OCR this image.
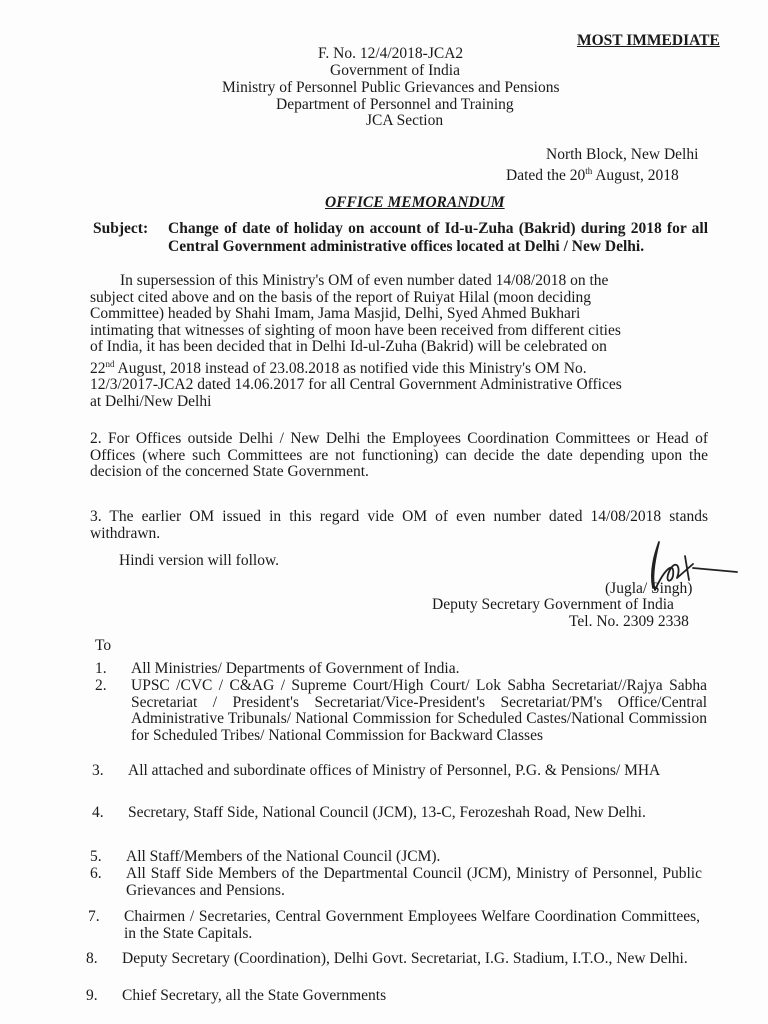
MOST IMMEDIATE
F. No. 12/4/2018-JCA2
Government of India
Ministry of Personnel Public Grievances and Pensions
Department of Personnel and Training
JCA Section
North Block, New Delhi
Dated the 20th August, 2018
OFFICE MEMORANDUM
Subject: Change of date of holiday on account of Id-u-Zuha (Bakrid) during 2018 for all Central Government administrative offices located at Delhi / New Delhi.
In supersession of this Ministry's OM of even number dated 14/08/2018 on the
subject cited above and on the basis of the report of Ruiyat Hilal (moon deciding
Committee) headed by Shahi Imam, Jama Masjid, Delhi, Syed Ahmed Bukhari
intimating that witnesses of sighting of moon have been received from different cities
of India, it has been decided that in Delhi Id-ul-Zuha (Bakrid) will be celebrated on
22nd August, 2018 instead of 23.08.2018 as notified vide this Ministry's OM No.
12/3/2017-JCA2 dated 14.06.2017 for all Central Government Administrative Offices
at Delhi/New Delhi
2. For Offices outside Delhi / New Delhi the Employees Coordination Committees or Head of Offices (where such Committees are not functioning) can decide the date depending upon the decision of the concerned State Government.
3. The earlier OM issued in this regard vide OM of even number dated 14/08/2018 stands withdrawn.
Hindi version will follow.
(Jugla/ Singh)
Deputy Secretary Government of India
Tel. No. 2309 2338
To
1. All Ministries/ Departments of Government of India.
2. UPSC /CVC / C&AG / Supreme Court/High Court/ Lok Sabha Secretariat//Rajya Sabha Secretariat / President's Secretariat/Vice-President's Secretariat/PM's Office/Central Administrative Tribunals/ National Commission for Scheduled Castes/National Commission for Scheduled Tribes/ National Commission for Backward Classes
3. All attached and subordinate offices of Ministry of Personnel, P.G. & Pensions/ MHA
4. Secretary, Staff Side, National Council (JCM), 13-C, Ferozeshah Road, New Delhi.
5. All Staff/Members of the National Council (JCM).
6. All Staff Side Members of the Departmental Council (JCM), Ministry of Personnel, Public Grievances and Pensions.
7. Chairmen / Secretaries, Central Government Employees Welfare Coordination Committees, in the State Capitals.
8. Deputy Secretary (Coordination), Delhi Govt. Secretariat, I.G. Stadium, I.T.O., New Delhi.
9. Chief Secretary, all the State Governments
